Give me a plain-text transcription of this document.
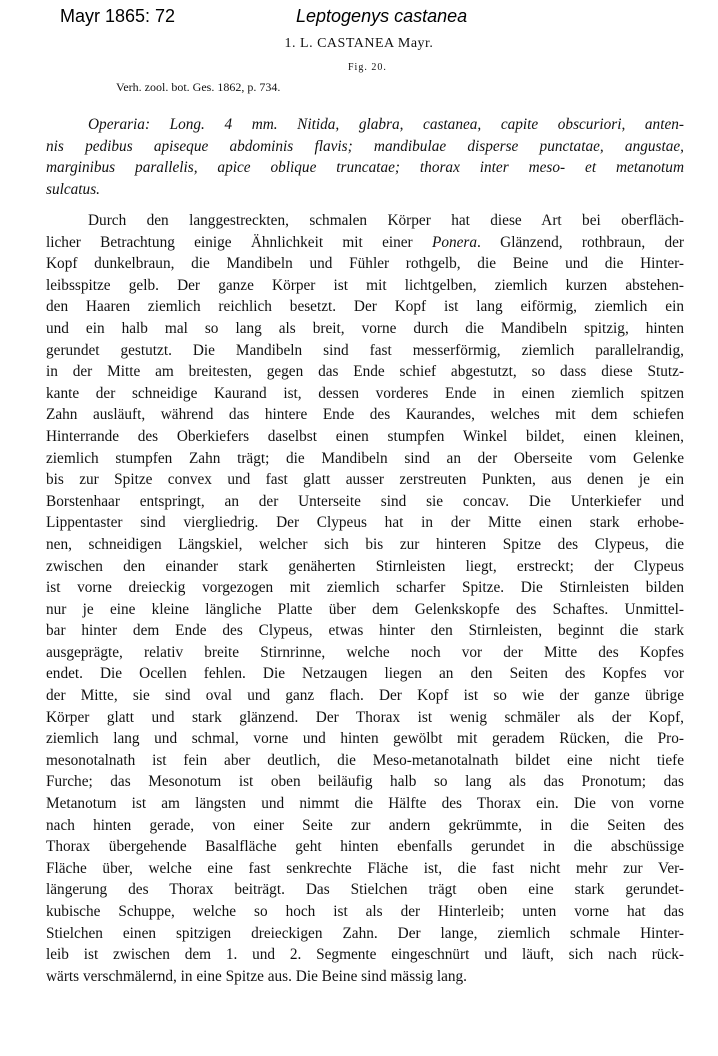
Mayr 1865: 72	Leptogenys castanea
1. L. CASTANEA Mayr.
Fig. 20.
Verh. zool. bot. Ges. 1862, p. 734.
Operaria: Long. 4 mm. Nitida, glabra, castanea, capite obscuriori, anten-
nis pedibus apiseque abdominis flavis; mandibulae disperse punctatae, angustae,
marginibus parallelis, apice oblique truncatae; thorax inter meso- et metanotum
sulcatus.
Durch den langgestreckten, schmalen Körper hat diese Art bei oberfläch-
licher Betrachtung einige Ähnlichkeit mit einer Ponera. Glänzend, rothbraun, der
Kopf dunkelbraun, die Mandibeln und Fühler rothgelb, die Beine und die Hinter-
leibsspitze gelb. Der ganze Körper ist mit lichtgelben, ziemlich kurzen abstehen-
den Haaren ziemlich reichlich besetzt. Der Kopf ist lang eiförmig, ziemlich ein
und ein halb mal so lang als breit, vorne durch die Mandibeln spitzig, hinten
gerundet gestutzt. Die Mandibeln sind fast messerförmig, ziemlich parallelrandig,
in der Mitte am breitesten, gegen das Ende schief abgestutzt, so dass diese Stutz-
kante der schneidige Kaurand ist, dessen vorderes Ende in einen ziemlich spitzen
Zahn ausläuft, während das hintere Ende des Kaurandes, welches mit dem schiefen
Hinterrande des Oberkiefers daselbst einen stumpfen Winkel bildet, einen kleinen,
ziemlich stumpfen Zahn trägt; die Mandibeln sind an der Oberseite vom Gelenke
bis zur Spitze convex und fast glatt ausser zerstreuten Punkten, aus denen je ein
Borstenhaar entspringt, an der Unterseite sind sie concav. Die Unterkiefer und
Lippentaster sind viergliedrig. Der Clypeus hat in der Mitte einen stark erhobe-
nen, schneidigen Längskiel, welcher sich bis zur hinteren Spitze des Clypeus, die
zwischen den einander stark genäherten Stirnleisten liegt, erstreckt; der Clypeus
ist vorne dreieckig vorgezogen mit ziemlich scharfer Spitze. Die Stirnleisten bilden
nur je eine kleine längliche Platte über dem Gelenkskopfe des Schaftes. Unmittel-
bar hinter dem Ende des Clypeus, etwas hinter den Stirnleisten, beginnt die stark
ausgeprägte, relativ breite Stirnrinne, welche noch vor der Mitte des Kopfes
endet. Die Ocellen fehlen. Die Netzaugen liegen an den Seiten des Kopfes vor
der Mitte, sie sind oval und ganz flach. Der Kopf ist so wie der ganze übrige
Körper glatt und stark glänzend. Der Thorax ist wenig schmäler als der Kopf,
ziemlich lang und schmal, vorne und hinten gewölbt mit geradem Rücken, die Pro-
mesonotalnath ist fein aber deutlich, die Meso-metanotalnath bildet eine nicht tiefe
Furche; das Mesonotum ist oben beiläufig halb so lang als das Pronotum; das
Metanotum ist am längsten und nimmt die Hälfte des Thorax ein. Die von vorne
nach hinten gerade, von einer Seite zur andern gekrümmte, in die Seiten des
Thorax übergehende Basalfläche geht hinten ebenfalls gerundet in die abschüssige
Fläche über, welche eine fast senkrechte Fläche ist, die fast nicht mehr zur Ver-
längerung des Thorax beiträgt. Das Stielchen trägt oben eine stark gerundet-
kubische Schuppe, welche so hoch ist als der Hinterleib; unten vorne hat das
Stielchen einen spitzigen dreieckigen Zahn. Der lange, ziemlich schmale Hinter-
leib ist zwischen dem 1. und 2. Segmente eingeschnürt und läuft, sich nach rück-
wärts verschmälernd, in eine Spitze aus. Die Beine sind mässig lang.
